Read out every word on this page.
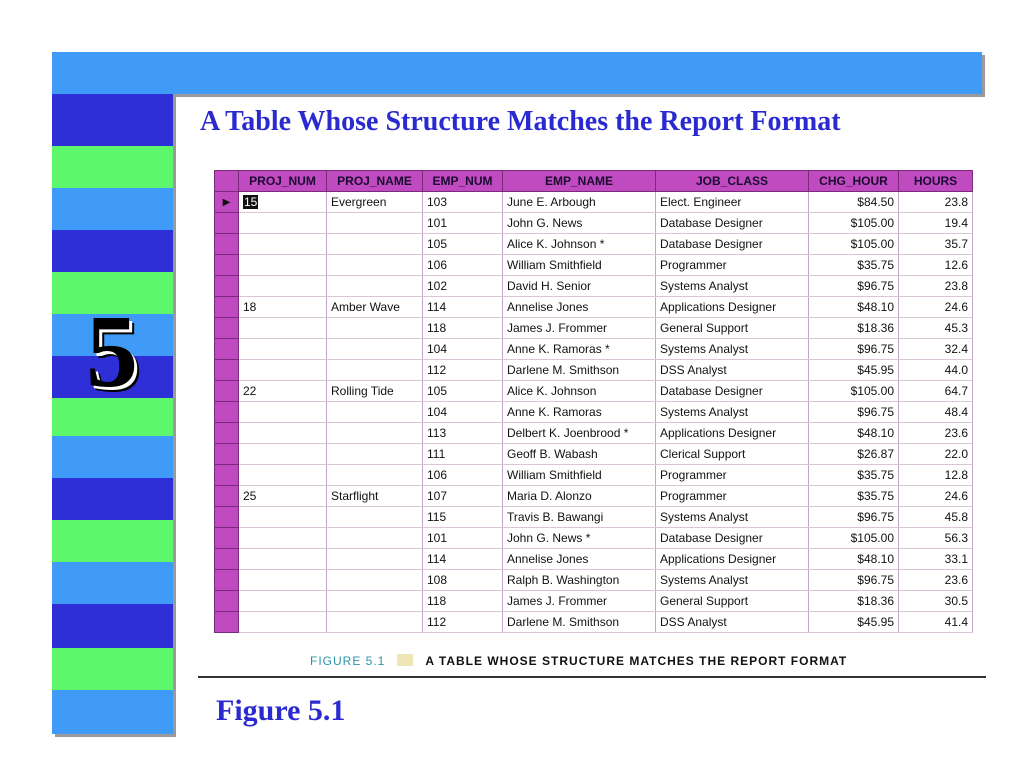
5
A Table Whose Structure Matches the Report Format
	PROJ_NUM	PROJ_NAME	EMP_NUM	EMP_NAME	JOB_CLASS	CHG_HOUR	HOURS
▶	15	Evergreen	103	June E. Arbough	Elect. Engineer	$84.50	23.8
			101	John G. News	Database Designer	$105.00	19.4
			105	Alice K. Johnson *	Database Designer	$105.00	35.7
			106	William Smithfield	Programmer	$35.75	12.6
			102	David H. Senior	Systems Analyst	$96.75	23.8
	18	Amber Wave	114	Annelise Jones	Applications Designer	$48.10	24.6
			118	James J. Frommer	General Support	$18.36	45.3
			104	Anne K. Ramoras *	Systems Analyst	$96.75	32.4
			112	Darlene M. Smithson	DSS Analyst	$45.95	44.0
	22	Rolling Tide	105	Alice K. Johnson	Database Designer	$105.00	64.7
			104	Anne K. Ramoras	Systems Analyst	$96.75	48.4
			113	Delbert K. Joenbrood *	Applications Designer	$48.10	23.6
			111	Geoff B. Wabash	Clerical Support	$26.87	22.0
			106	William Smithfield	Programmer	$35.75	12.8
	25	Starflight	107	Maria D. Alonzo	Programmer	$35.75	24.6
			115	Travis B. Bawangi	Systems Analyst	$96.75	45.8
			101	John G. News *	Database Designer	$105.00	56.3
			114	Annelise Jones	Applications Designer	$48.10	33.1
			108	Ralph B. Washington	Systems Analyst	$96.75	23.6
			118	James J. Frommer	General Support	$18.36	30.5
			112	Darlene M. Smithson	DSS Analyst	$45.95	41.4
FIGURE 5.1	A TABLE WHOSE STRUCTURE MATCHES THE REPORT FORMAT
Figure 5.1
